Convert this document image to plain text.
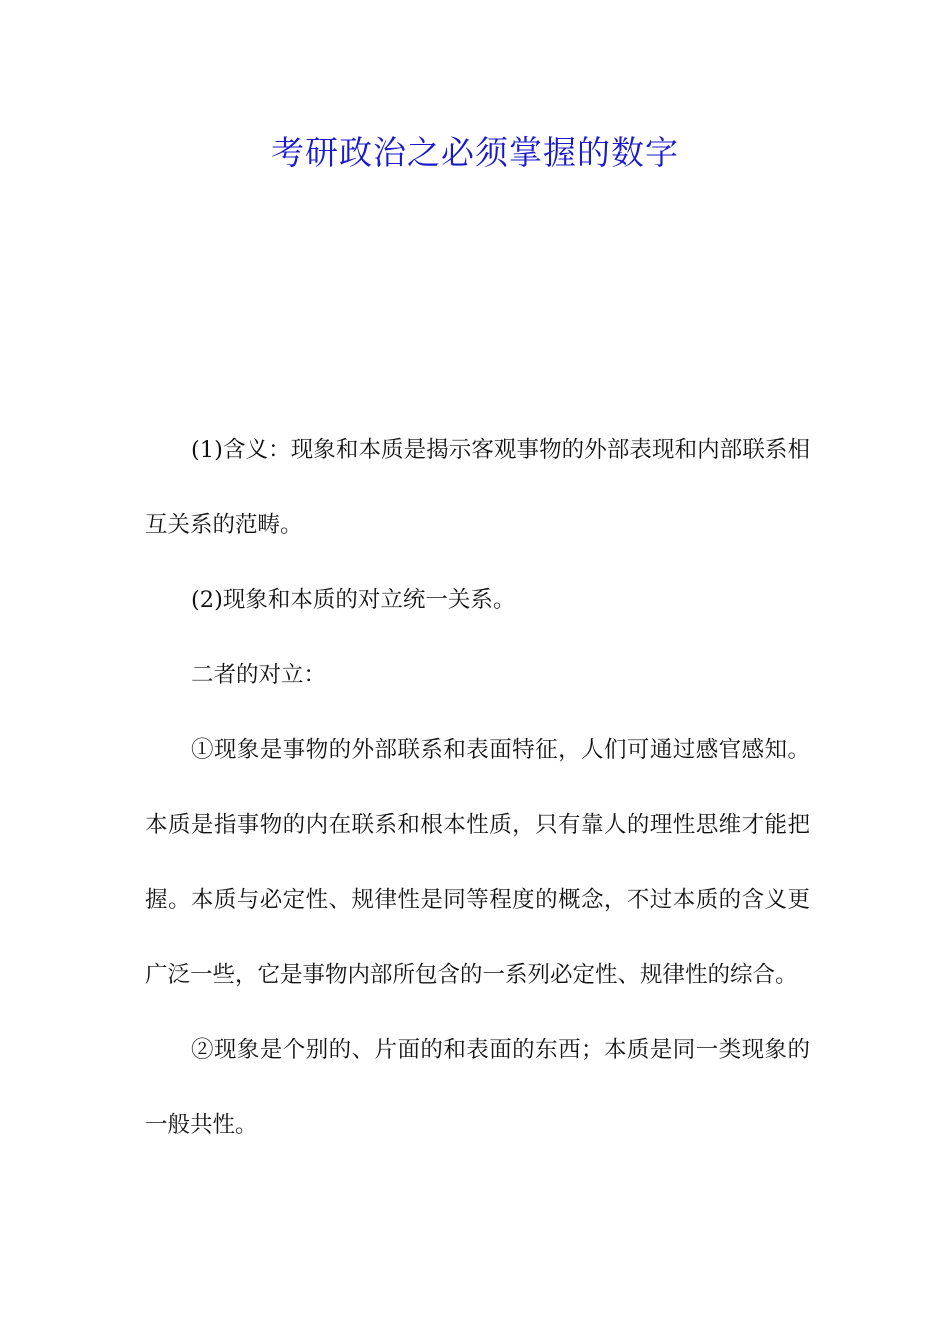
考研政治之必须掌握的数字

(1)含义：现象和本质是揭示客观事物的外部表现和内部联系相互关系的范畴。

(2)现象和本质的对立统一关系。

二者的对立：

①现象是事物的外部联系和表面特征，人们可通过感官感知。本质是指事物的内在联系和根本性质，只有靠人的理性思维才能把握。本质与必定性、规律性是同等程度的概念，不过本质的含义更广泛一些，它是事物内部所包含的一系列必定性、规律性的综合。

②现象是个别的、片面的和表面的东西；本质是同一类现象的一般共性。
